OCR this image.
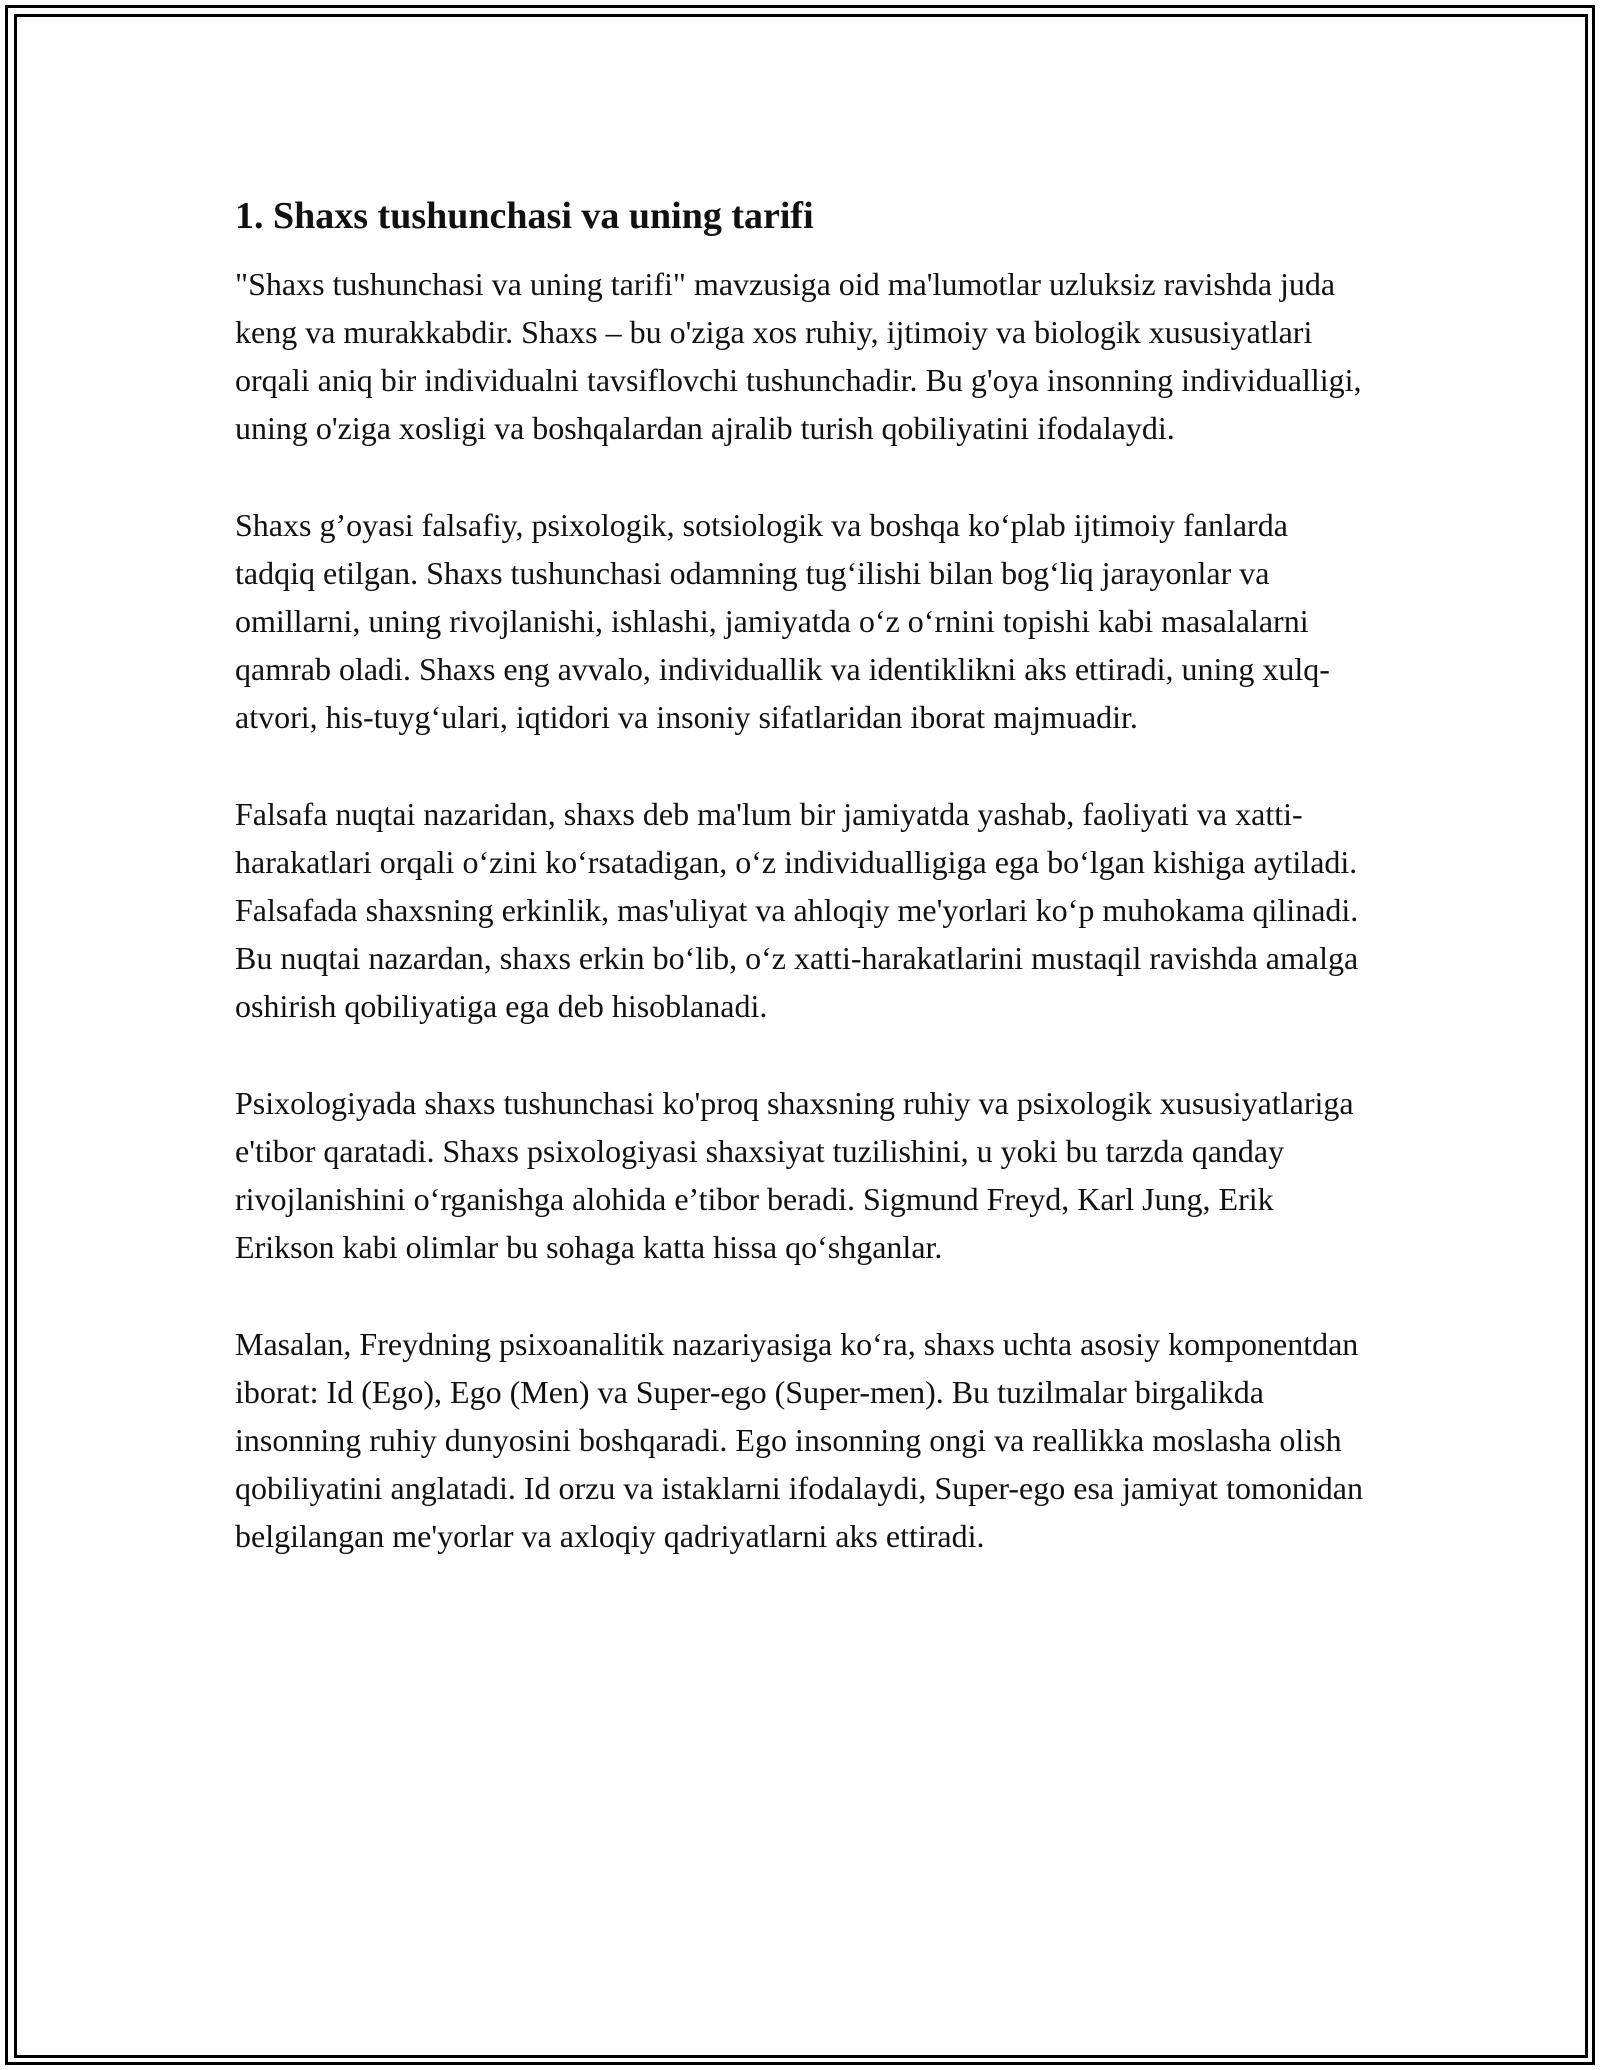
1. Shaxs tushunchasi va uning tarifi

"Shaxs tushunchasi va uning tarifi" mavzusiga oid ma'lumotlar uzluksiz ravishda juda keng va murakkabdir. Shaxs – bu o'ziga xos ruhiy, ijtimoiy va biologik xususiyatlari orqali aniq bir individualni tavsiflovchi tushunchadir. Bu g'oya insonning individualligi, uning o'ziga xosligi va boshqalardan ajralib turish qobiliyatini ifodalaydi.

Shaxs g’oyasi falsafiy, psixologik, sotsiologik va boshqa ko‘plab ijtimoiy fanlarda tadqiq etilgan. Shaxs tushunchasi odamning tug‘ilishi bilan bog‘liq jarayonlar va omillarni, uning rivojlanishi, ishlashi, jamiyatda o‘z o‘rnini topishi kabi masalalarni qamrab oladi. Shaxs eng avvalo, individuallik va identiklikni aks ettiradi, uning xulq-atvori, his-tuyg‘ulari, iqtidori va insoniy sifatlaridan iborat majmuadir.

Falsafa nuqtai nazaridan, shaxs deb ma'lum bir jamiyatda yashab, faoliyati va xatti-harakatlari orqali o‘zini ko‘rsatadigan, o‘z individualligiga ega bo‘lgan kishiga aytiladi. Falsafada shaxsning erkinlik, mas'uliyat va ahloqiy me'yorlari ko‘p muhokama qilinadi. Bu nuqtai nazardan, shaxs erkin bo‘lib, o‘z xatti-harakatlarini mustaqil ravishda amalga oshirish qobiliyatiga ega deb hisoblanadi.

Psixologiyada shaxs tushunchasi ko'proq shaxsning ruhiy va psixologik xususiyatlariga e'tibor qaratadi. Shaxs psixologiyasi shaxsiyat tuzilishini, u yoki bu tarzda qanday rivojlanishini o‘rganishga alohida e’tibor beradi. Sigmund Freyd, Karl Jung, Erik Erikson kabi olimlar bu sohaga katta hissa qo‘shganlar.

Masalan, Freydning psixoanalitik nazariyasiga ko‘ra, shaxs uchta asosiy komponentdan iborat: Id (Ego), Ego (Men) va Super-ego (Super-men). Bu tuzilmalar birgalikda insonning ruhiy dunyosini boshqaradi. Ego insonning ongi va reallikka moslasha olish qobiliyatini anglatadi. Id orzu va istaklarni ifodalaydi, Super-ego esa jamiyat tomonidan belgilangan me'yorlar va axloqiy qadriyatlarni aks ettiradi.
